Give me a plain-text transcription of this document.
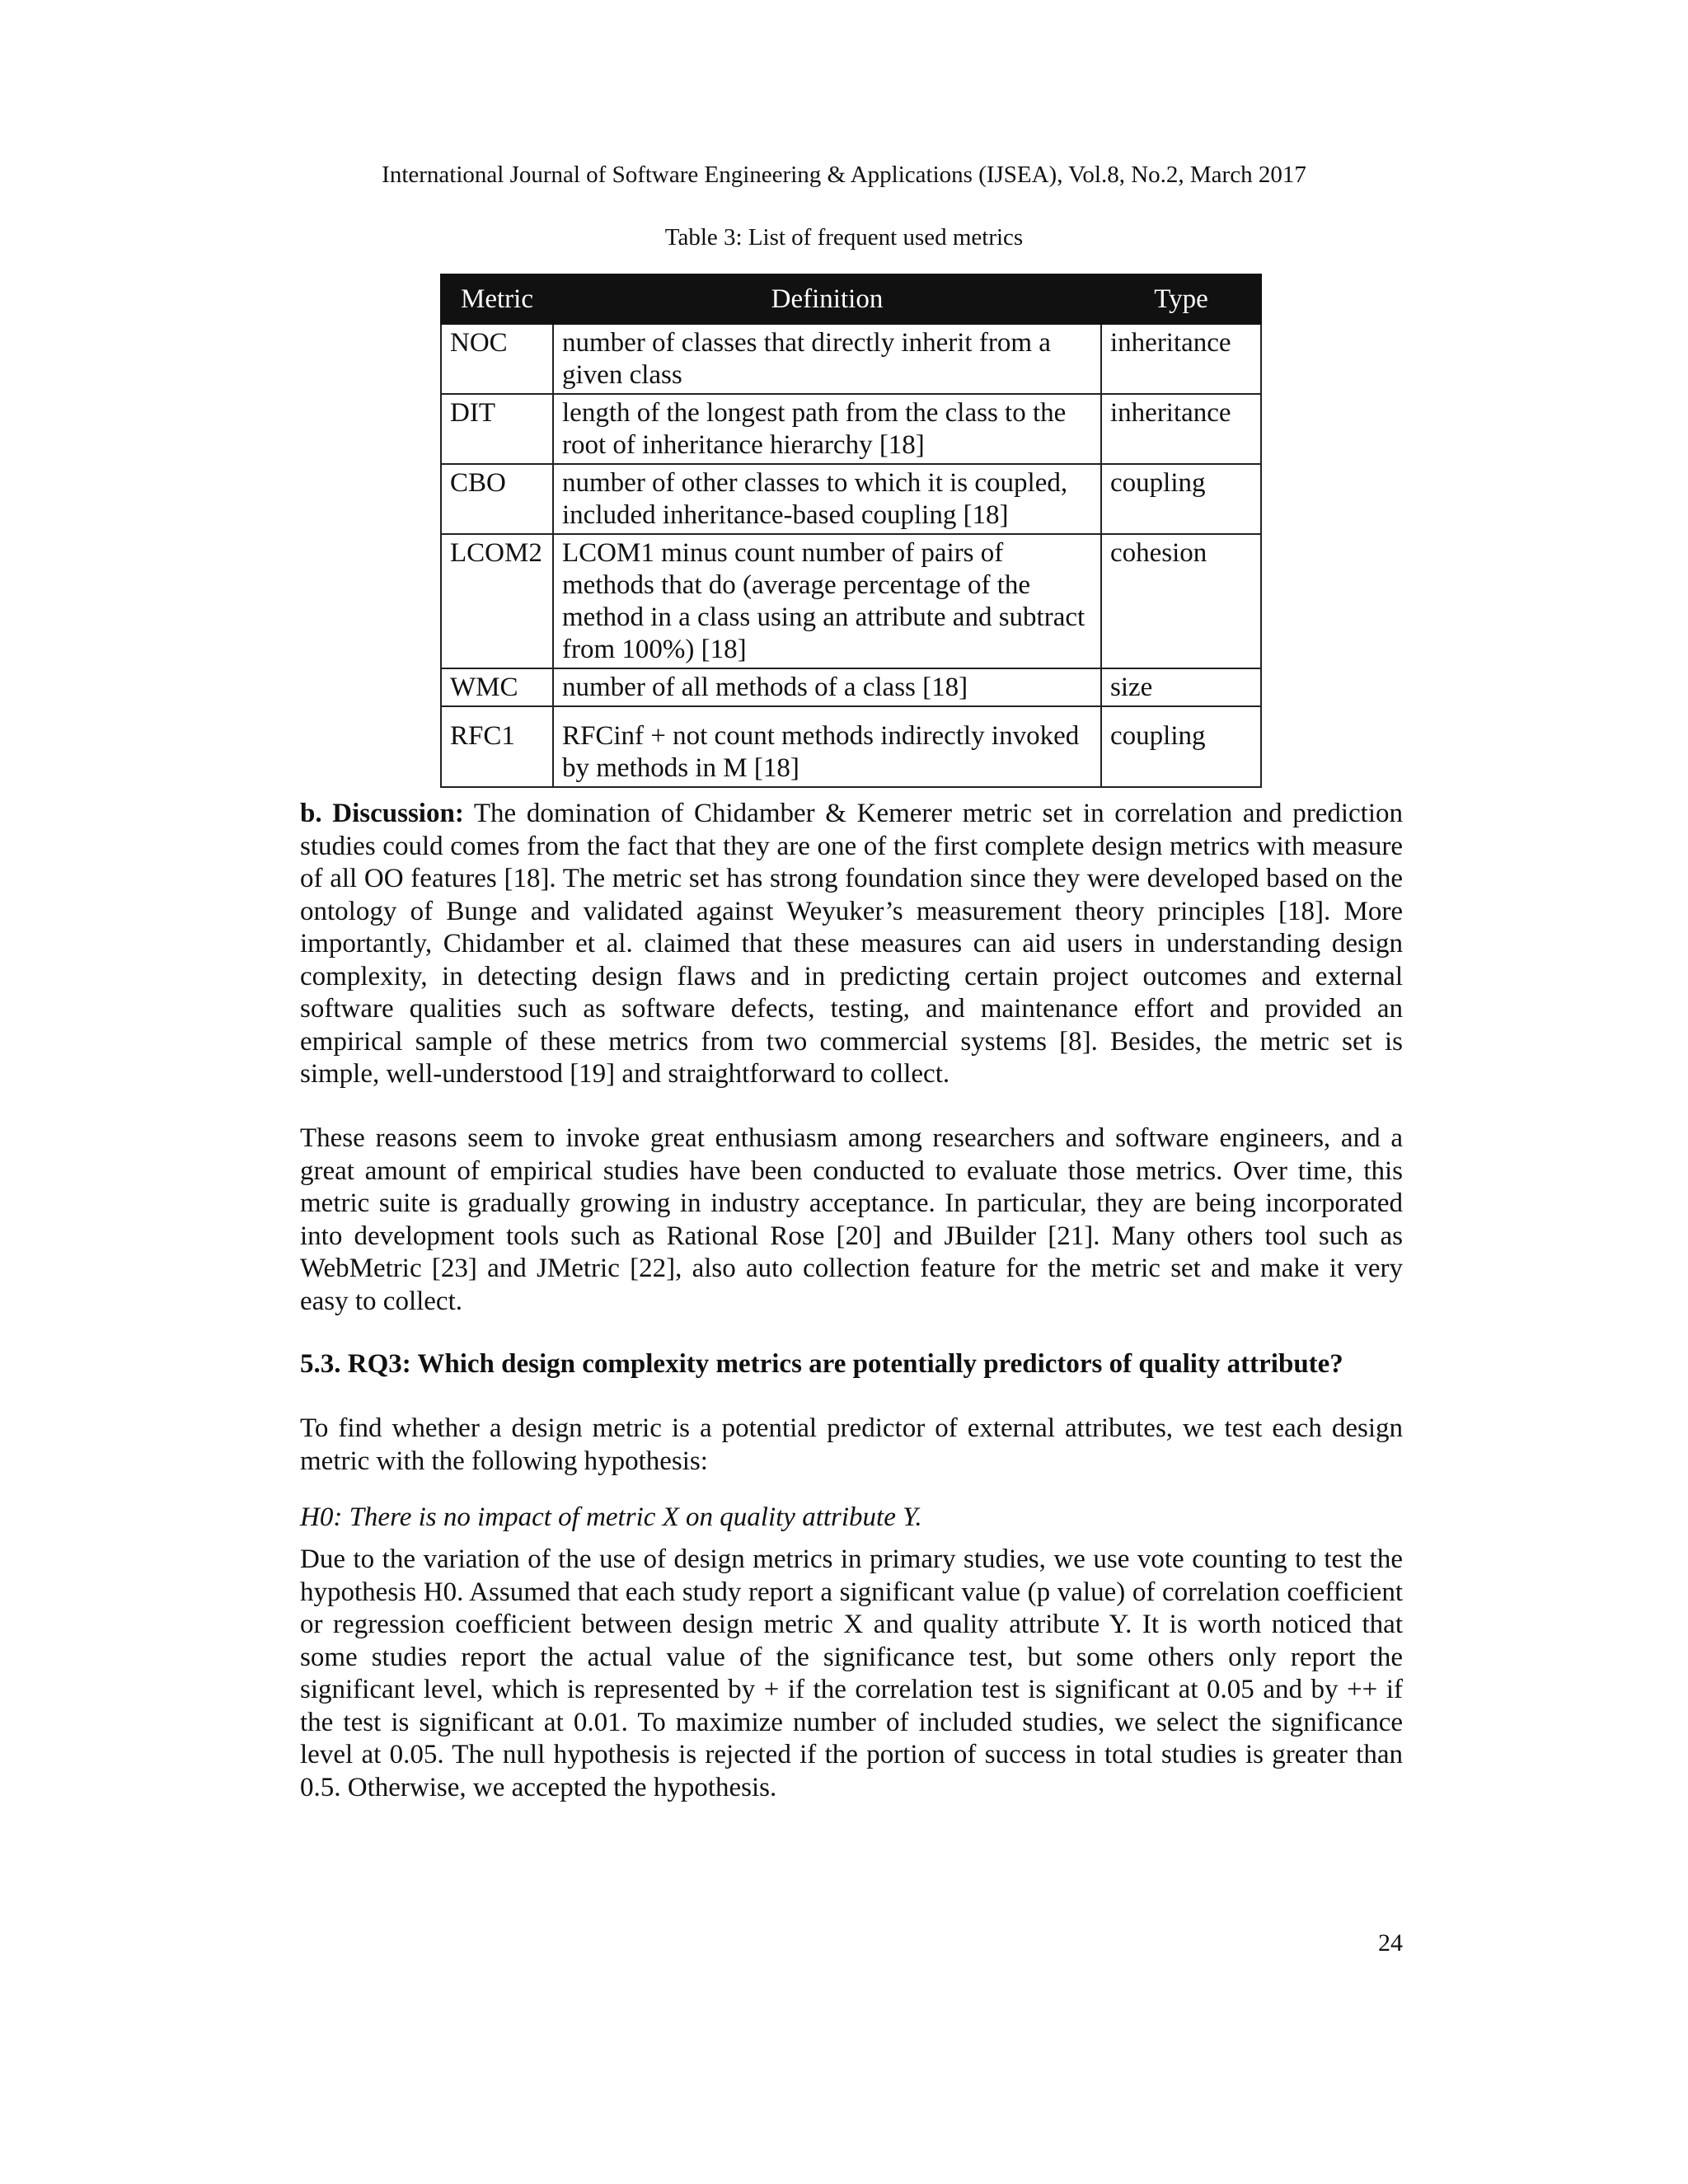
International Journal of Software Engineering & Applications (IJSEA), Vol.8, No.2, March 2017
Table 3: List of frequent used metrics
Metric	Definition	Type
NOC	number of classes that directly inherit from a given class	inheritance
DIT	length of the longest path from the class to the root of inheritance hierarchy [18]	inheritance
CBO	number of other classes to which it is coupled, included inheritance-based coupling [18]	coupling
LCOM2	LCOM1 minus count number of pairs of methods that do (average percentage of the method in a class using an attribute and subtract from 100%) [18]	cohesion
WMC	number of all methods of a class [18]	size
RFC1	RFCinf + not count methods indirectly invoked by methods in M [18]	coupling

b. Discussion: The domination of Chidamber & Kemerer metric set in correlation and prediction studies could comes from the fact that they are one of the first complete design metrics with measure of all OO features [18]. The metric set has strong foundation since they were developed based on the ontology of Bunge and validated against Weyuker’s measurement theory principles [18]. More importantly, Chidamber et al. claimed that these measures can aid users in understanding design complexity, in detecting design flaws and in predicting certain project outcomes and external software qualities such as software defects, testing, and maintenance effort and provided an empirical sample of these metrics from two commercial systems [8]. Besides, the metric set is simple, well-understood [19] and straightforward to collect.

These reasons seem to invoke great enthusiasm among researchers and software engineers, and a great amount of empirical studies have been conducted to evaluate those metrics. Over time, this metric suite is gradually growing in industry acceptance. In particular, they are being incorporated into development tools such as Rational Rose [20] and JBuilder [21]. Many others tool such as WebMetric [23] and JMetric [22], also auto collection feature for the metric set and make it very easy to collect.

5.3. RQ3: Which design complexity metrics are potentially predictors of quality attribute?

To find whether a design metric is a potential predictor of external attributes, we test each design metric with the following hypothesis:

H0: There is no impact of metric X on quality attribute Y.

Due to the variation of the use of design metrics in primary studies, we use vote counting to test the hypothesis H0. Assumed that each study report a significant value (p value) of correlation coefficient or regression coefficient between design metric X and quality attribute Y. It is worth noticed that some studies report the actual value of the significance test, but some others only report the significant level, which is represented by + if the correlation test is significant at 0.05 and by ++ if the test is significant at 0.01. To maximize number of included studies, we select the significance level at 0.05. The null hypothesis is rejected if the portion of success in total studies is greater than 0.5. Otherwise, we accepted the hypothesis.

24
